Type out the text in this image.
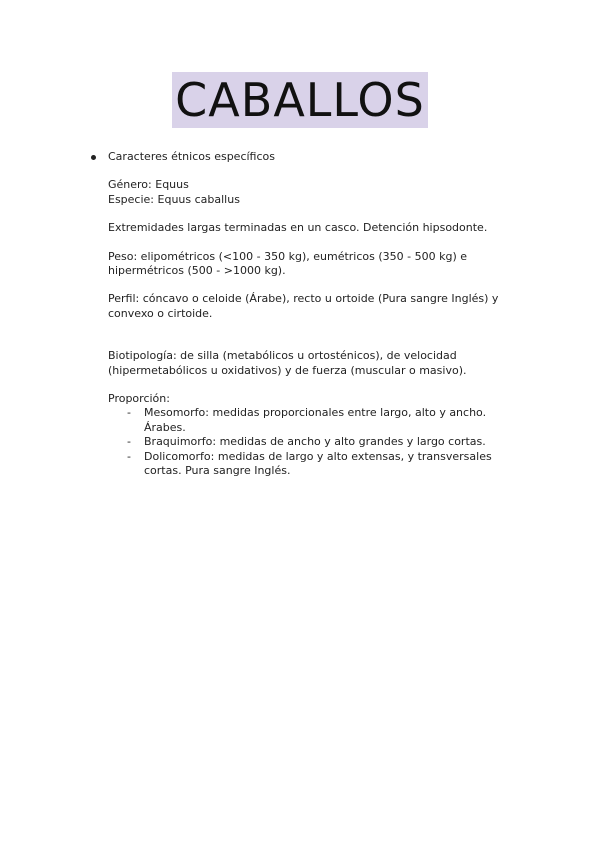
CABALLOS

Caracteres étnicos específicos

Género: Equus

Especie: Equus caballus

Extremidades largas terminadas en un casco. Detención hipsodonte.

Peso: elipométricos (<100 - 350 kg), eumétricos (350 - 500 kg) e hipermétricos (500 - >1000 kg).

Perfil: cóncavo o celoide (Árabe), recto u ortoide (Pura sangre Inglés) y convexo o cirtoide.

Biotipología: de silla (metabólicos u ortosténicos), de velocidad (hipermetabólicos u oxidativos) y de fuerza (muscular o masivo).

Proporción:

- Mesomorfo: medidas proporcionales entre largo, alto y ancho. Árabes.
- Braquimorfo: medidas de ancho y alto grandes y largo cortas.
- Dolicomorfo: medidas de largo y alto extensas, y transversales cortas. Pura sangre Inglés.
